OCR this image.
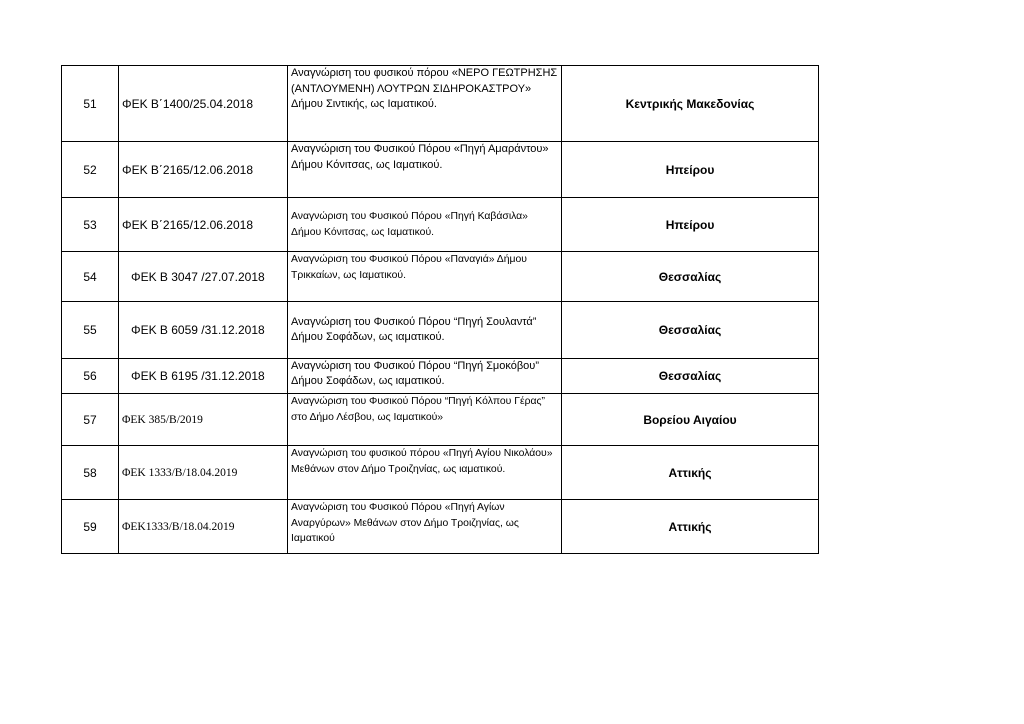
51	ΦΕΚ Β΄1400/25.04.2018	Αναγνώριση του φυσικού πόρου «ΝΕΡΟ ΓΕΩΤΡΗΣΗΣ (ΑΝΤΛΟΥΜΕΝΗ) ΛΟΥΤΡΩΝ ΣΙΔΗΡΟΚΑΣΤΡΟΥ» Δήμου Σιντικής, ως Ιαματικού.	Κεντρικής Μακεδονίας
52	ΦΕΚ Β΄2165/12.06.2018	Αναγνώριση του Φυσικού Πόρου «Πηγή Αμαράντου» Δήμου Κόνιτσας, ως Ιαματικού.	Ηπείρου
53	ΦΕΚ Β΄2165/12.06.2018	Αναγνώριση του Φυσικού Πόρου «Πηγή Καβάσιλα» Δήμου Κόνιτσας, ως Ιαματικού.	Ηπείρου
54	ΦΕΚ Β 3047 /27.07.2018	Αναγνώριση του Φυσικού Πόρου «Παναγιά» Δήμου Τρικκαίων, ως Ιαματικού.	Θεσσαλίας
55	ΦΕΚ Β 6059 /31.12.2018	Αναγνώριση του Φυσικού Πόρου “Πηγή Σουλαντά” Δήμου Σοφάδων, ως ιαματικού.	Θεσσαλίας
56	ΦΕΚ Β 6195 /31.12.2018	Αναγνώριση του Φυσικού Πόρου “Πηγή Σμοκόβου” Δήμου Σοφάδων, ως ιαματικού.	Θεσσαλίας
57	ΦΕΚ 385/Β/2019	Αναγνώριση του Φυσικού Πόρου “Πηγή Κόλπου Γέρας” στο Δήμο Λέσβου, ως Ιαματικού»	Βορείου Αιγαίου
58	ΦΕΚ 1333/Β/18.04.2019	Αναγνώριση του φυσικού πόρου «Πηγή Αγίου Νικολάου» Μεθάνων στον Δήμο Τροιζηνίας, ως ιαματικού.	Αττικής
59	ΦΕΚ1333/Β/18.04.2019	Αναγνώριση του Φυσικού Πόρου «Πηγή Αγίων Αναργύρων» Μεθάνων στον Δήμο Τροιζηνίας, ως Ιαματικού	Αττικής
